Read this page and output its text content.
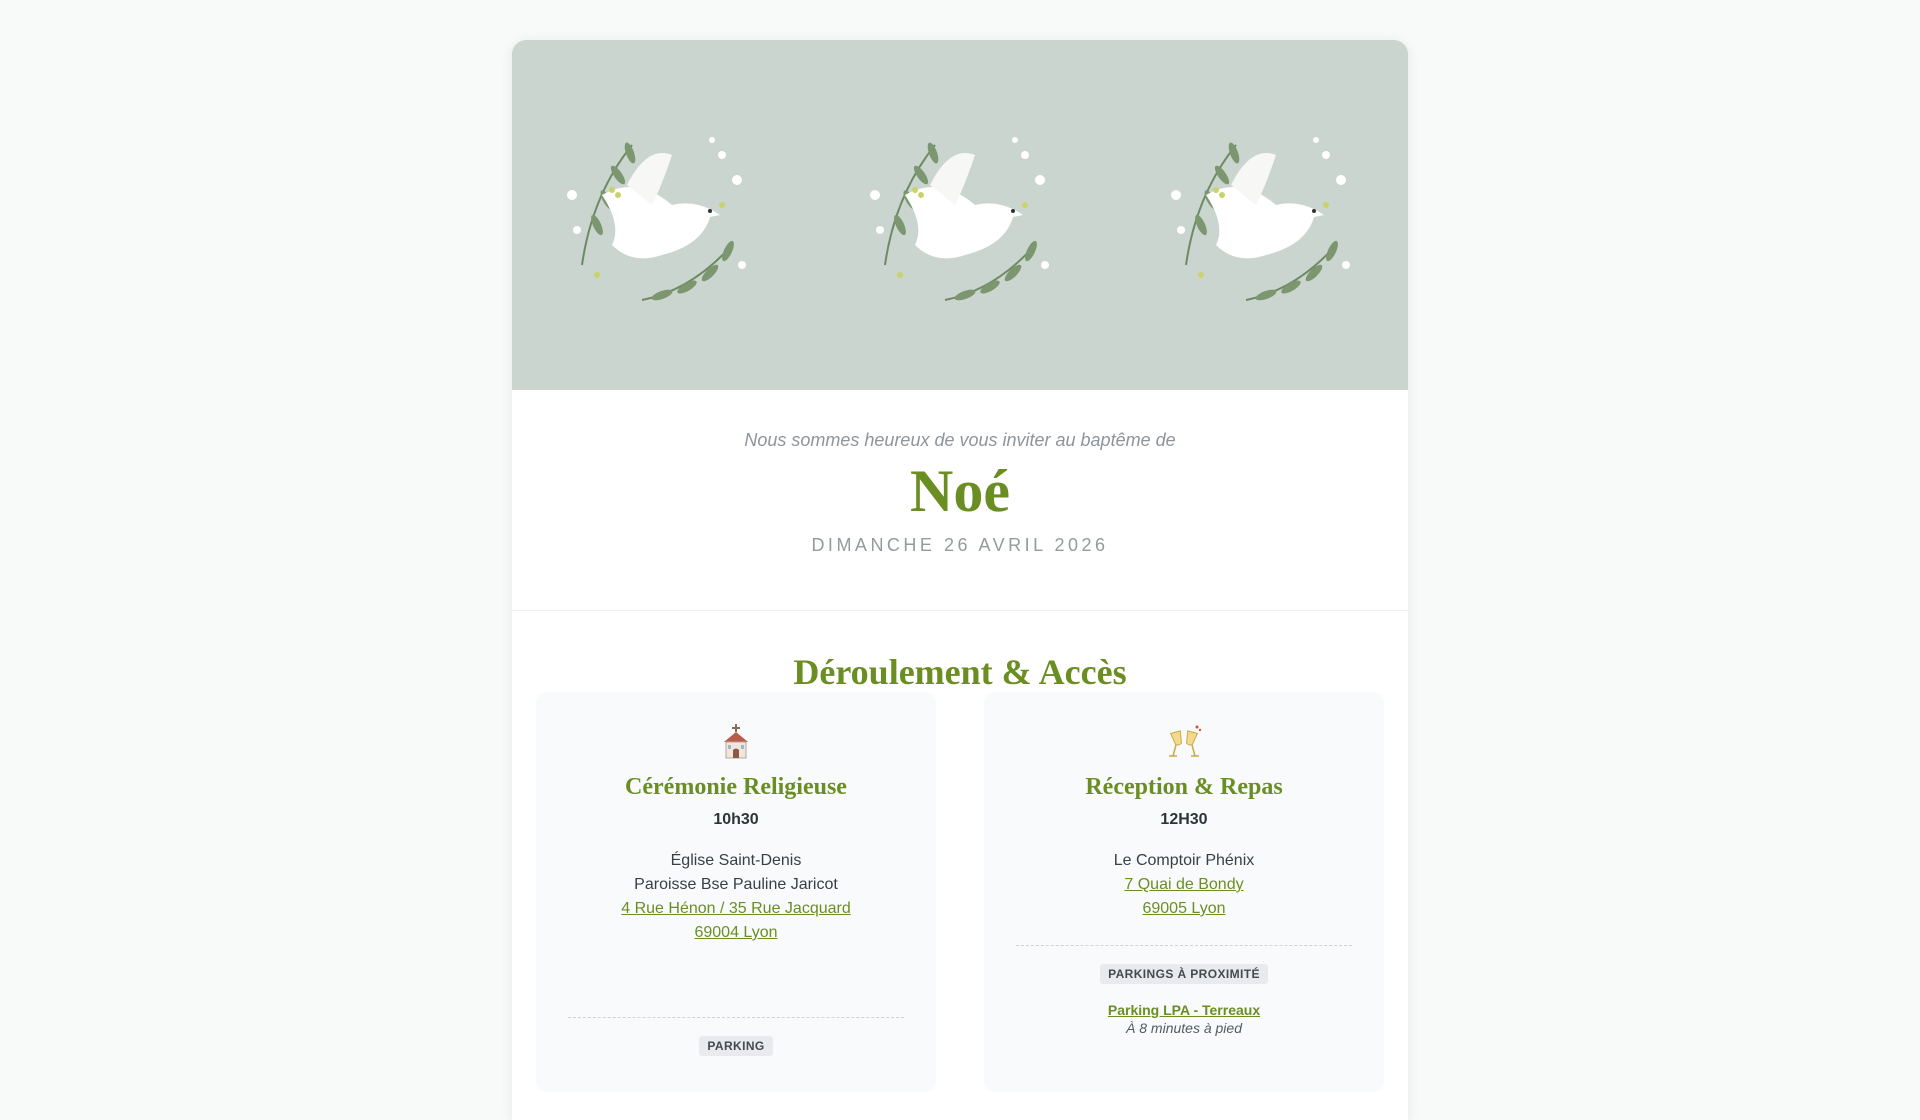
Nous sommes heureux de vous inviter au baptême de

Noé
DIMANCHE 26 AVRIL 2026
Déroulement & Accès
Cérémonie Religieuse
10h30
Église Saint-Denis
Paroisse Bse Pauline Jaricot
4 Rue Hénon / 35 Rue Jacquard
69004 Lyon
PARKING
Réception & Repas
12H30
Le Comptoir Phénix
7 Quai de Bondy
69005 Lyon
PARKINGS À PROXIMITÉ
Parking LPA - Terreaux
À 8 minutes à pied
